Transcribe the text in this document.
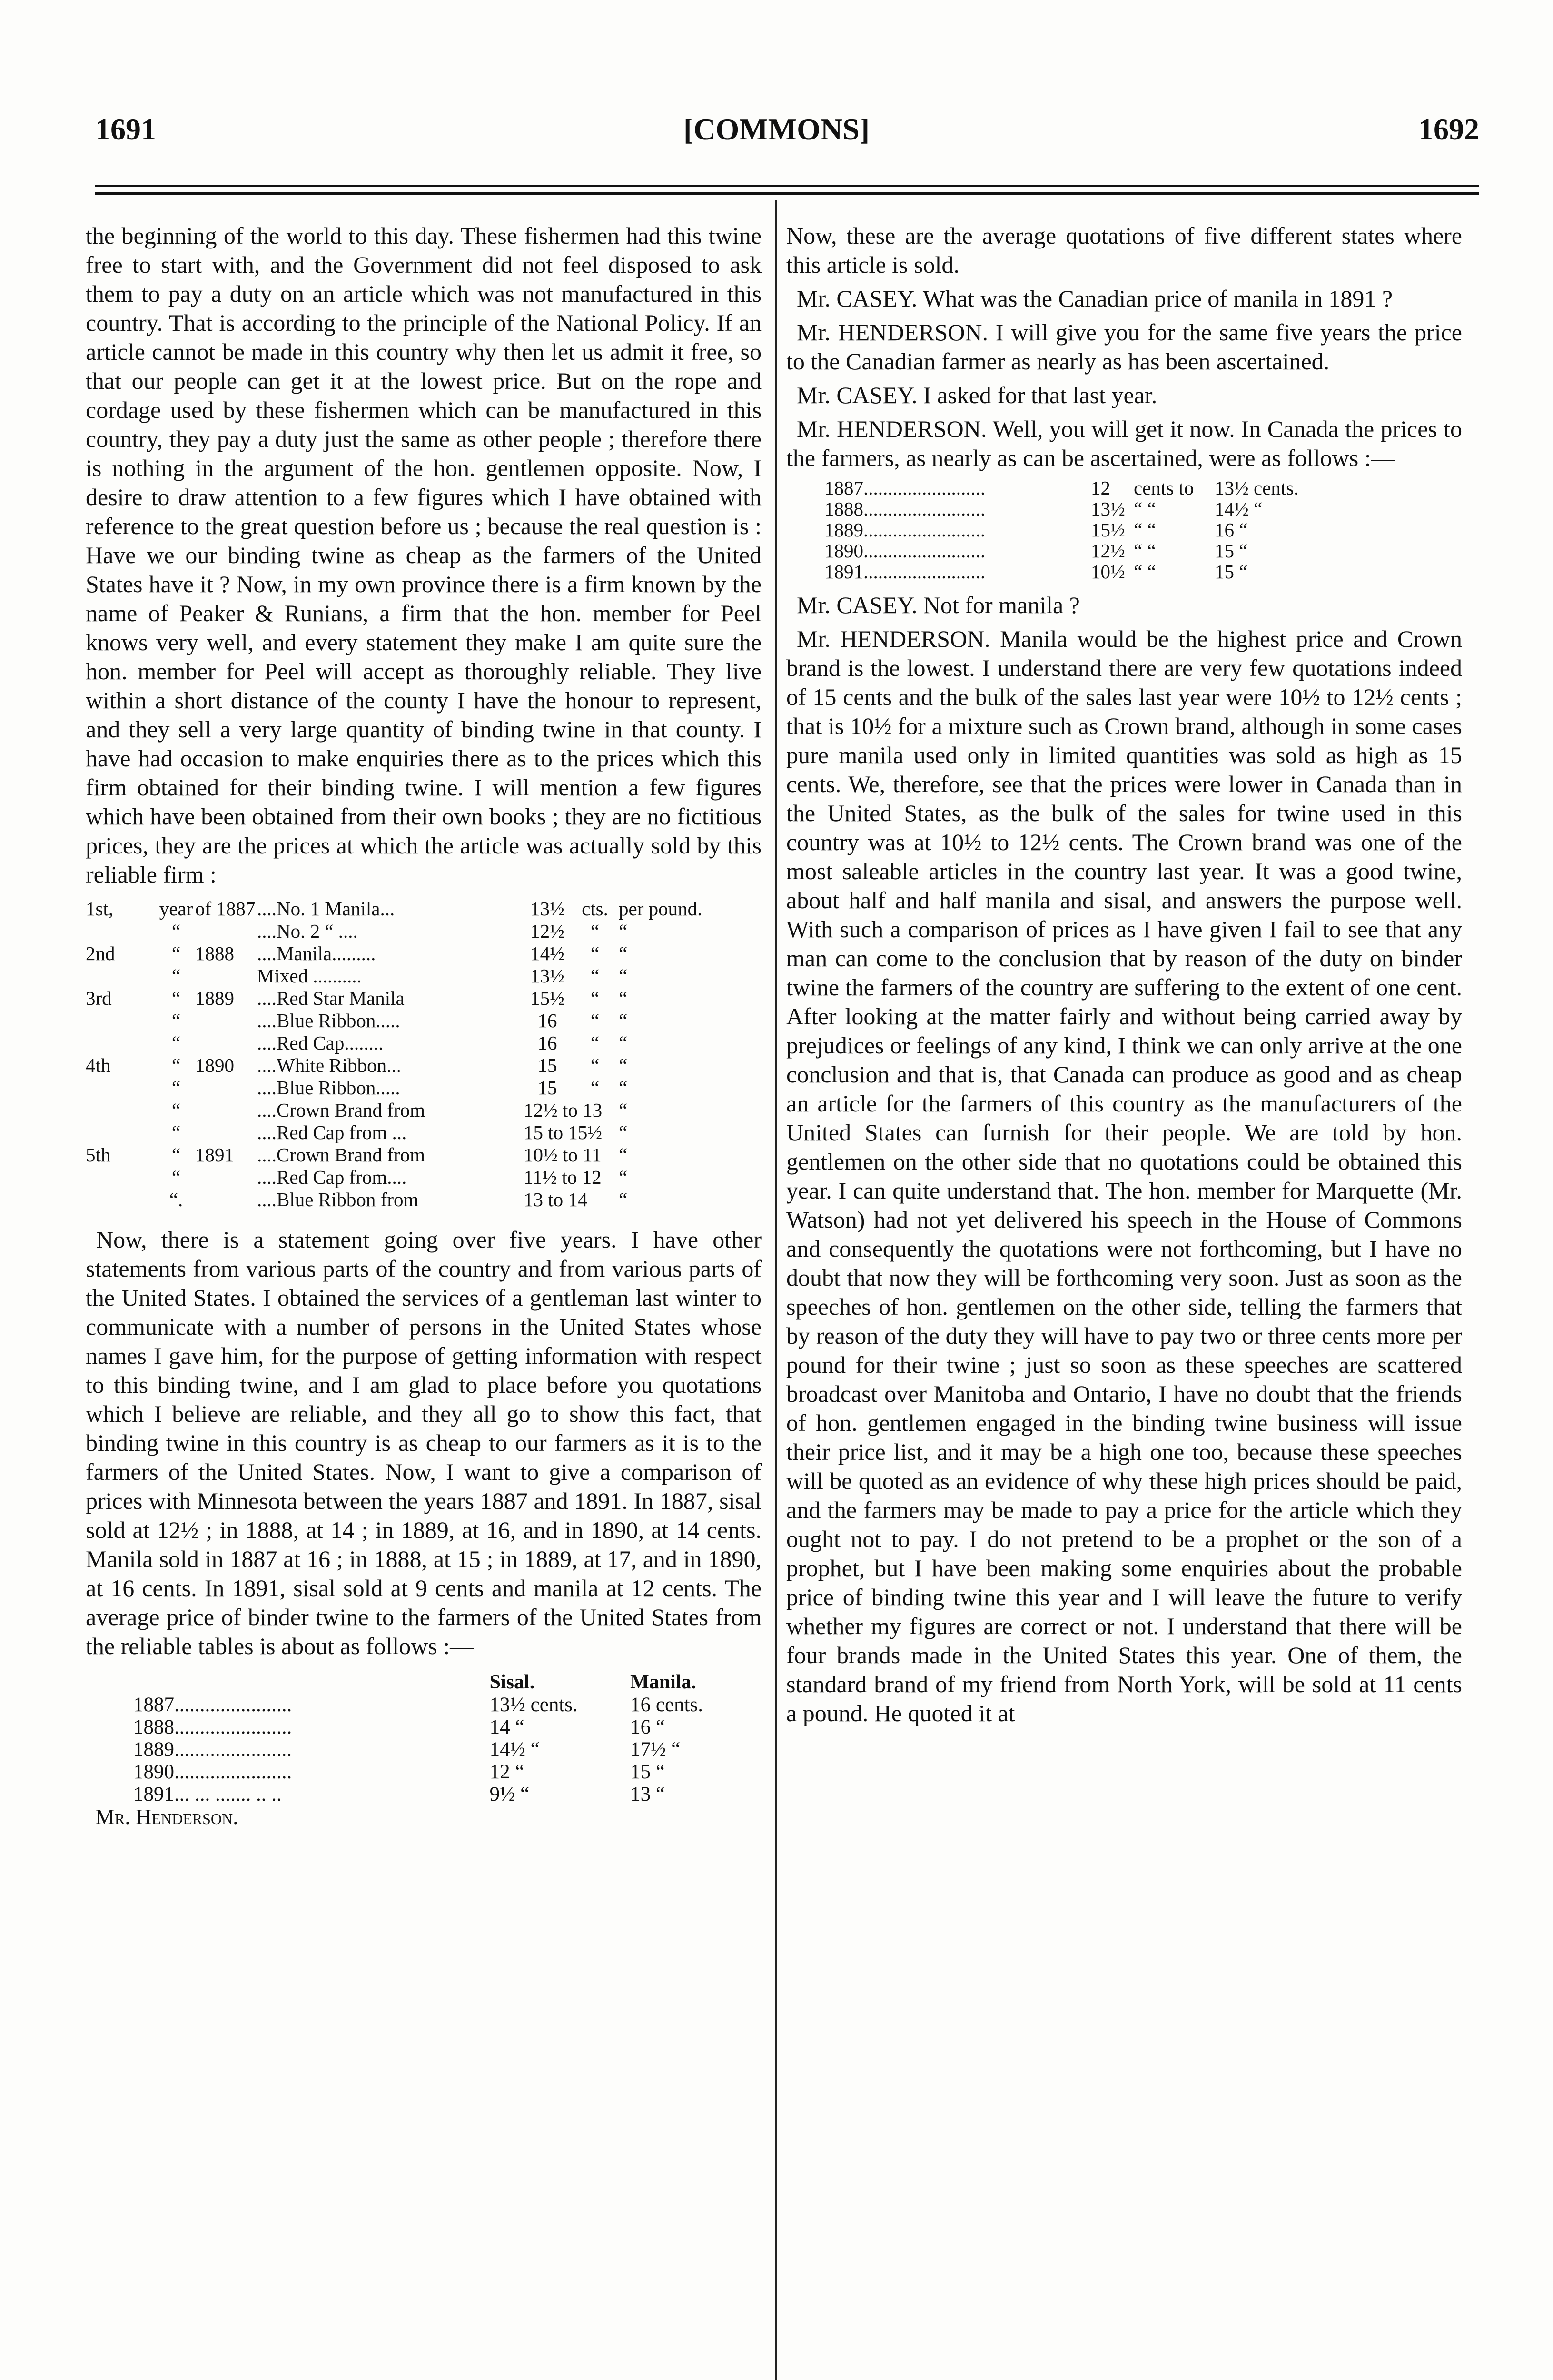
1691	[COMMONS]	1692

the beginning of the world to this day. These fishermen had this twine free to start with, and the Government did not feel disposed to ask them to pay a duty on an article which was not manufactured in this country. That is according to the principle of the National Policy. If an article cannot be made in this country why then let us admit it free, so that our people can get it at the lowest price. But on the rope and cordage used by these fishermen which can be manufactured in this country, they pay a duty just the same as other people ; therefore there is nothing in the argument of the hon. gentlemen opposite. Now, I desire to draw attention to a few figures which I have obtained with reference to the great question before us ; because the real question is : Have we our binding twine as cheap as the farmers of the United States have it ? Now, in my own province there is a firm known by the name of Peaker & Runians, a firm that the hon. member for Peel knows very well, and every statement they make I am quite sure the hon. member for Peel will accept as thoroughly reliable. They live within a short distance of the county I have the honour to represent, and they sell a very large quantity of binding twine in that county. I have had occasion to make enquiries there as to the prices which this firm obtained for their binding twine. I will mention a few figures which have been obtained from their own books ; they are no fictitious prices, they are the prices at which the article was actually sold by this reliable firm :

1st,	year of 1887 ....No. 1 Manila...	13½ cts. per pound.
“	....No. 2 “ ....	12½	“ “
2nd	“ 1888	....Manila.........	14½	“ “
“	Mixed ..........	13½	“ “
3rd	“ 1889	....Red Star Manila	15½	“ “
“	....Blue Ribbon.....	16	“ “
“	....Red Cap........	16	“ “
4th	“ 1890	....White Ribbon...	15	“ “
“	....Blue Ribbon.....	15	“ “
“	....Crown Brand from	12½ to 13 “
“	....Red Cap from ...	15 to 15½ “
5th	“ 1891	....Crown Brand from	10½ to 11 “
“	....Red Cap from....	11½ to 12 “
“.	....Blue Ribbon from	13 to 14 “

Now, there is a statement going over five years. I have other statements from various parts of the country and from various parts of the United States. I obtained the services of a gentleman last winter to communicate with a number of persons in the United States whose names I gave him, for the purpose of getting information with respect to this binding twine, and I am glad to place before you quotations which I believe are reliable, and they all go to show this fact, that binding twine in this country is as cheap to our farmers as it is to the farmers of the United States. Now, I want to give a comparison of prices with Minnesota between the years 1887 and 1891. In 1887, sisal sold at 12½ ; in 1888, at 14 ; in 1889, at 16, and in 1890, at 14 cents. Manila sold in 1887 at 16 ; in 1888, at 15 ; in 1889, at 17, and in 1890, at 16 cents. In 1891, sisal sold at 9 cents and manila at 12 cents. The average price of binder twine to the farmers of the United States from the reliable tables is about as follows :—

Sisal.	Manila.
1887.......................	13½ cents.	16 cents.
1888.......................	14 “	16 “
1889.......................	14½ “	17½ “
1890.......................	12 “	15 “
1891... ... ....... .. ..	9½ “	13 “
Mr. Henderson.

Now, these are the average quotations of five different states where this article is sold.

Mr. CASEY. What was the Canadian price of manila in 1891 ?

Mr. HENDERSON. I will give you for the same five years the price to the Canadian farmer as nearly as has been ascertained.

Mr. CASEY. I asked for that last year.

Mr. HENDERSON. Well, you will get it now. In Canada the prices to the farmers, as nearly as can be ascertained, were as follows :—

1887.........................	12	cents to	13½ cents.
1888.........................	13½ “ “	14½ “
1889.........................	15½ “ “	16 “
1890.........................	12½ “ “	15 “
1891.........................	10½ “ “	15 “

Mr. CASEY. Not for manila ?

Mr. HENDERSON. Manila would be the highest price and Crown brand is the lowest. I understand there are very few quotations indeed of 15 cents and the bulk of the sales last year were 10½ to 12½ cents ; that is 10½ for a mixture such as Crown brand, although in some cases pure manila used only in limited quantities was sold as high as 15 cents. We, therefore, see that the prices were lower in Canada than in the United States, as the bulk of the sales for twine used in this country was at 10½ to 12½ cents. The Crown brand was one of the most saleable articles in the country last year. It was a good twine, about half and half manila and sisal, and answers the purpose well. With such a comparison of prices as I have given I fail to see that any man can come to the conclusion that by reason of the duty on binder twine the farmers of the country are suffering to the extent of one cent. After looking at the matter fairly and without being carried away by prejudices or feelings of any kind, I think we can only arrive at the one conclusion and that is, that Canada can produce as good and as cheap an article for the farmers of this country as the manufacturers of the United States can furnish for their people. We are told by hon. gentlemen on the other side that no quotations could be obtained this year. I can quite understand that. The hon. member for Marquette (Mr. Watson) had not yet delivered his speech in the House of Commons and consequently the quotations were not forthcoming, but I have no doubt that now they will be forthcoming very soon. Just as soon as the speeches of hon. gentlemen on the other side, telling the farmers that by reason of the duty they will have to pay two or three cents more per pound for their twine ; just so soon as these speeches are scattered broadcast over Manitoba and Ontario, I have no doubt that the friends of hon. gentlemen engaged in the binding twine business will issue their price list, and it may be a high one too, because these speeches will be quoted as an evidence of why these high prices should be paid, and the farmers may be made to pay a price for the article which they ought not to pay. I do not pretend to be a prophet or the son of a prophet, but I have been making some enquiries about the probable price of binding twine this year and I will leave the future to verify whether my figures are correct or not. I understand that there will be four brands made in the United States this year. One of them, the standard brand of my friend from North York, will be sold at 11 cents a pound. He quoted it at
